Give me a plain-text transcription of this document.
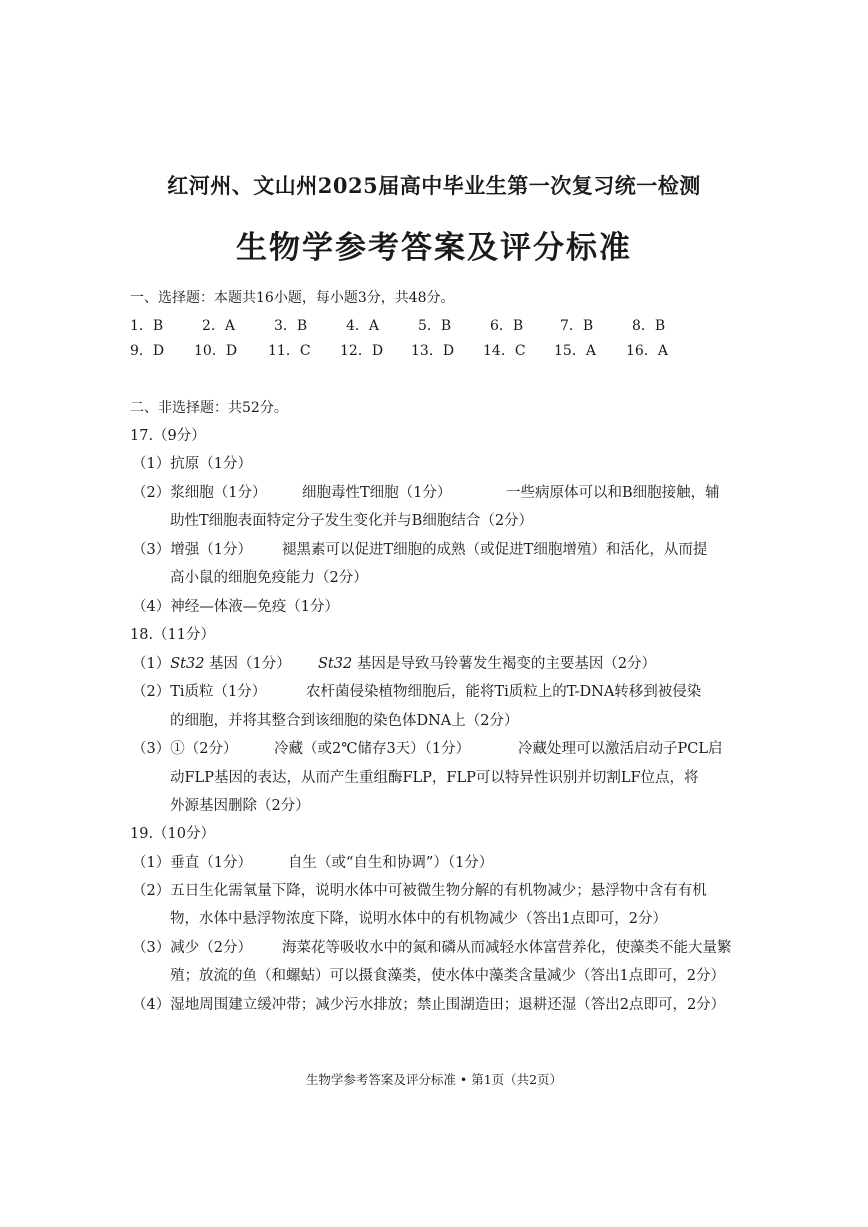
红河州、文山州2025届高中毕业生第一次复习统一检测
生物学参考答案及评分标准
一、选择题：本题共16小题，每小题3分，共48分。
1．B	2．A	3．B	4．A	5．B	6．B	7．B	8．B
9．D 10．D 11．C 12．D 13．D 14．C 15．A 16．A
二、非选择题：共52分。
17.（9分）
（1）抗原（1分）
（2）浆细胞（1分） 细胞毒性T细胞（1分）	一些病原体可以和B细胞接触，辅
助性T细胞表面特定分子发生变化并与B细胞结合（2分）
（3）增强（1分） 褪黑素可以促进T细胞的成熟（或促进T细胞增殖）和活化，从而提
高小鼠的细胞免疫能力（2分）
（4）神经—体液—免疫（1分）
18.（11分）
（1）St32 基因（1分） St32 基因是导致马铃薯发生褐变的主要基因（2分）
（2）Ti质粒（1分）	农杆菌侵染植物细胞后，能将Ti质粒上的T-DNA转移到被侵染
的细胞，并将其整合到该细胞的染色体DNA上（2分）
（3）①（2分）	冷藏（或2℃储存3天）（1分）	冷藏处理可以激活启动子PCL启
动FLP基因的表达，从而产生重组酶FLP，FLP可以特异性识别并切割LF位点，将
外源基因删除（2分）
19.（10分）
（1）垂直（1分） 自生（或“自生和协调”）（1分）
（2）五日生化需氧量下降，说明水体中可被微生物分解的有机物减少；悬浮物中含有有机
物，水体中悬浮物浓度下降，说明水体中的有机物减少（答出1点即可，2分）
（3）减少（2分） 海菜花等吸收水中的氮和磷从而减轻水体富营养化，使藻类不能大量繁
殖；放流的鱼（和螺蛄）可以摄食藻类，使水体中藻类含量减少（答出1点即可，2分）
（4）湿地周围建立缓冲带；减少污水排放；禁止围湖造田；退耕还湿（答出2点即可，2分）
生物学参考答案及评分标准 • 第1页（共2页）
